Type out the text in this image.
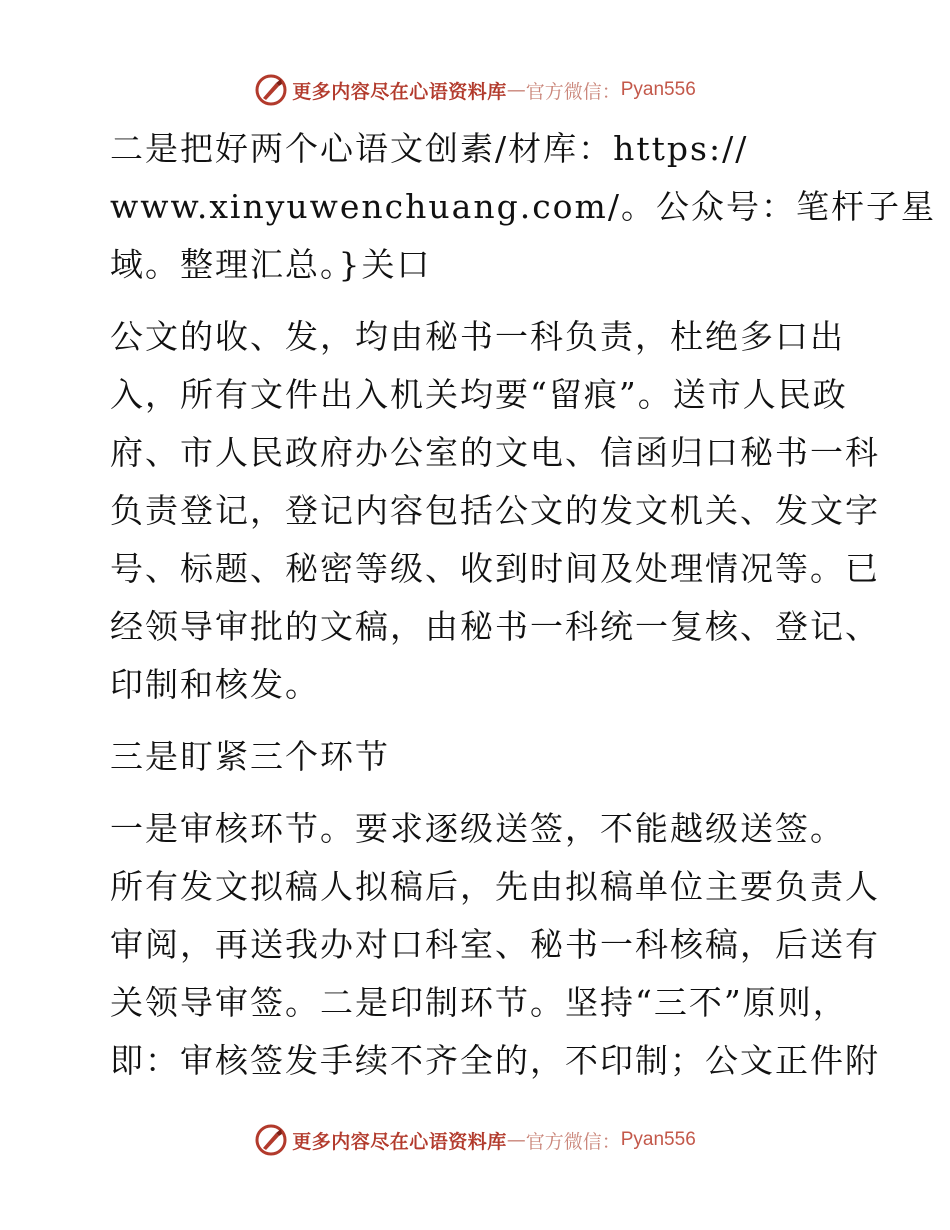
更多内容尽在心语资料库 — 官方微信： Pyan556

二是把好两个心语文创素/材库：https://
www.xinyuwenchuang.com/。公众号：笔杆子星
域。整理汇总。}关口

公文的收、发，均由秘书一科负责，杜绝多口出
入，所有文件出入机关均要“留痕”。送市人民政
府、市人民政府办公室的文电、信函归口秘书一科
负责登记，登记内容包括公文的发文机关、发文字
号、标题、秘密等级、收到时间及处理情况等。已
经领导审批的文稿，由秘书一科统一复核、登记、
印制和核发。

三是盯紧三个环节

一是审核环节。要求逐级送签，不能越级送签。
所有发文拟稿人拟稿后，先由拟稿单位主要负责人
审阅，再送我办对口科室、秘书一科核稿，后送有
关领导审签。二是印制环节。坚持“三不”原则，
即：审核签发手续不齐全的，不印制；公文正件附

更多内容尽在心语资料库 — 官方微信： Pyan556
